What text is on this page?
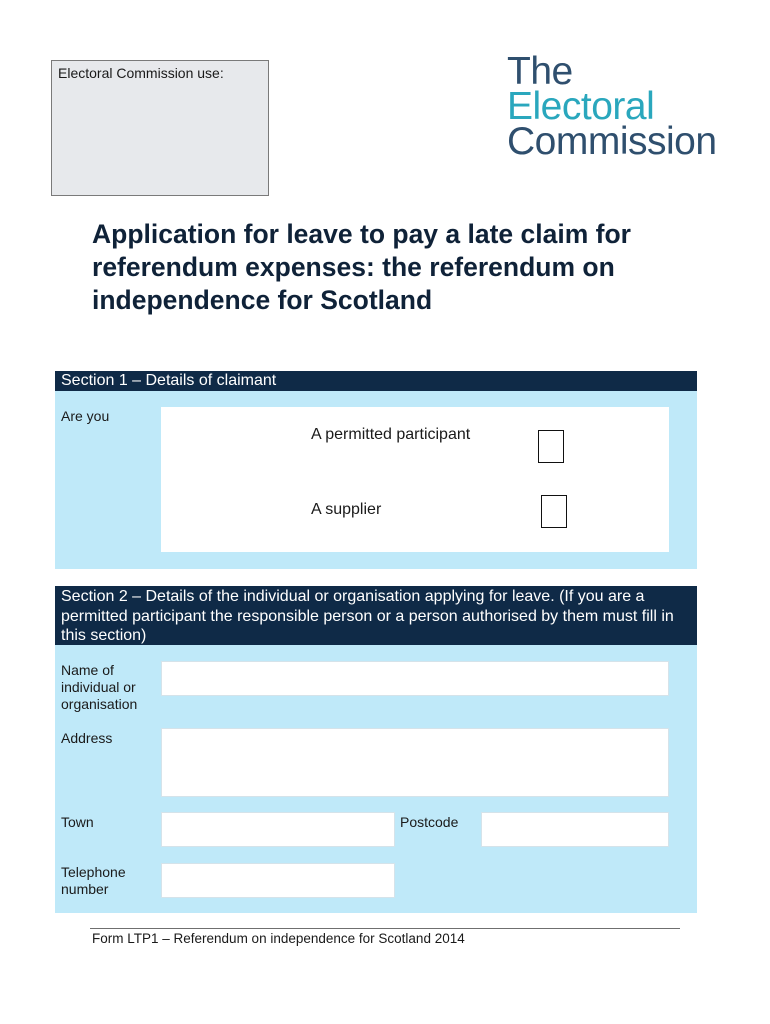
Electoral Commission use:	The
Electoral
Commission
Application for leave to pay a late claim for referendum expenses: the referendum on independence for Scotland
Section 1 – Details of claimant
Are you
A permitted participant
A supplier
Section 2 – Details of the individual or organisation applying for leave. (If you are a permitted participant the responsible person or a person authorised by them must fill in this section)
Name of individual or organisation
Address
Town	Postcode
Telephone number
Form LTP1 – Referendum on independence for Scotland 2014
